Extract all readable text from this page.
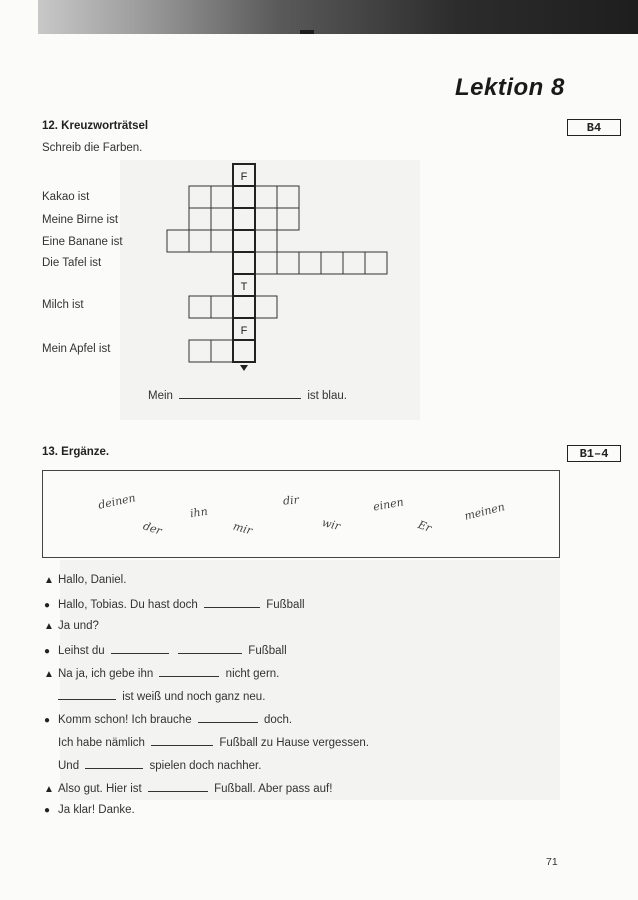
Lektion 8
12. Kreuzworträtsel
Schreib die Farben.
B4
Kakao ist
Meine Birne ist
Eine Banane ist
Die Tafel ist
Milch ist
Mein Apfel ist
F
T
F
Mein	ist blau.
13. Ergänze.	B1–4
deinen
ihn
dir	einen	meinen
der	mir	wir	Er
▲ Hallo, Daniel.
● Hallo, Tobias. Du hast doch	Fußball
▲ Ja und?
● Leihst du	Fußball
▲ Na ja, ich gebe ihn	nicht gern.
ist weiß und noch ganz neu.
● Komm schon! Ich brauche	doch.
Ich habe nämlich	Fußball zu Hause vergessen.
Und	spielen doch nachher.
▲ Also gut. Hier ist	Fußball. Aber pass auf!
● Ja klar! Danke.
71
